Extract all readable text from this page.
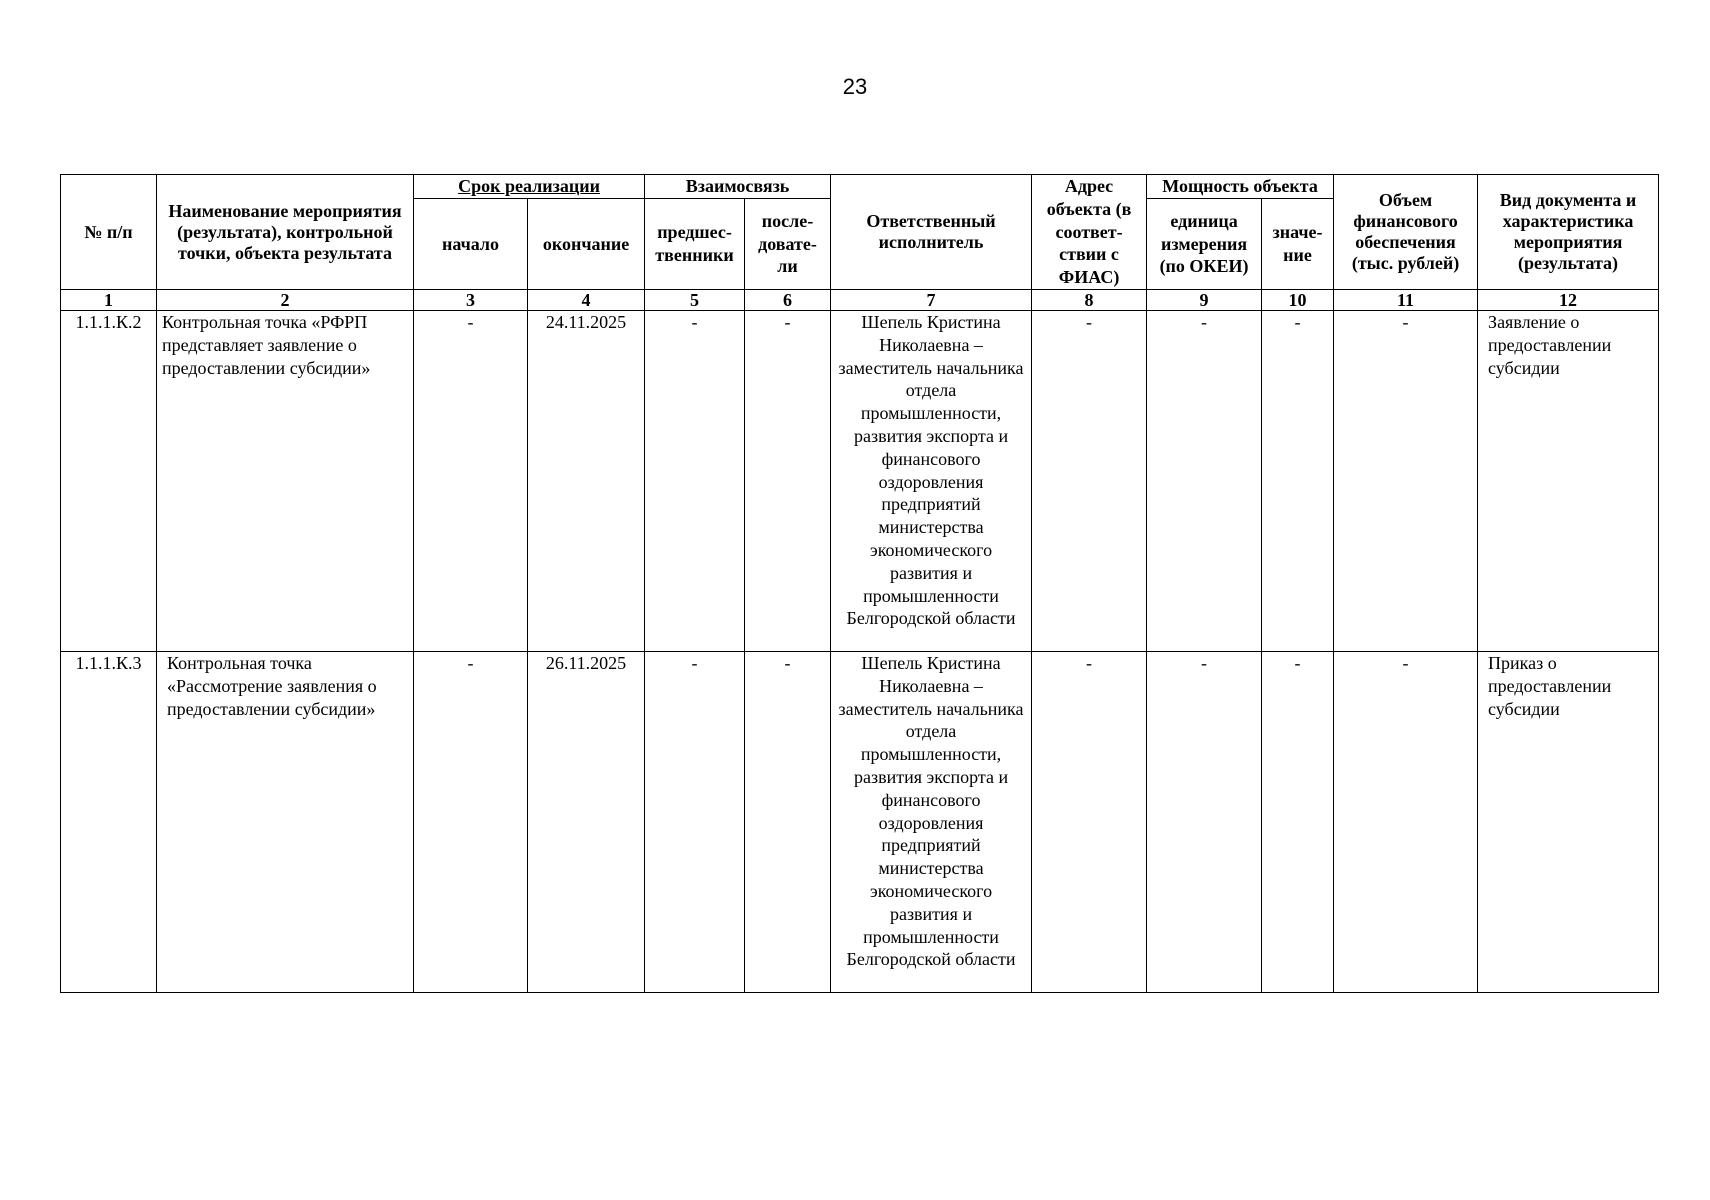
23
№ п/п	Наименование мероприятия (результата), контрольной точки, объекта результата	Срок реализации		Взаимосвязь		Ответственный исполнитель	Адрес объекта (в соответ-ствии с ФИАС)	Мощность объекта		Объем финансового обеспечения (тыс. рублей)	Вид документа и характеристика мероприятия (результата)
		начало	окончание	предшес-твенники	после-довате-ли			единица измерения (по ОКЕИ)	значе-ние		
1	2	3	4	5	6	7	8	9	10	11	12
1.1.1.К.2	Контрольная точка «РФРП представляет заявление о предоставлении субсидии»	-	24.11.2025	-	-	Шепель Кристина Николаевна – заместитель начальника отдела промышленности, развития экспорта и финансового оздоровления предприятий министерства экономического развития и промышленности Белгородской области	-	-	-	-	Заявление о предоставлении субсидии
1.1.1.К.3	Контрольная точка «Рассмотрение заявления о предоставлении субсидии»	-	26.11.2025	-	-	Шепель Кристина Николаевна – заместитель начальника отдела промышленности, развития экспорта и финансового оздоровления предприятий министерства экономического развития и промышленности Белгородской области	-	-	-	-	Приказ о предоставлении субсидии
